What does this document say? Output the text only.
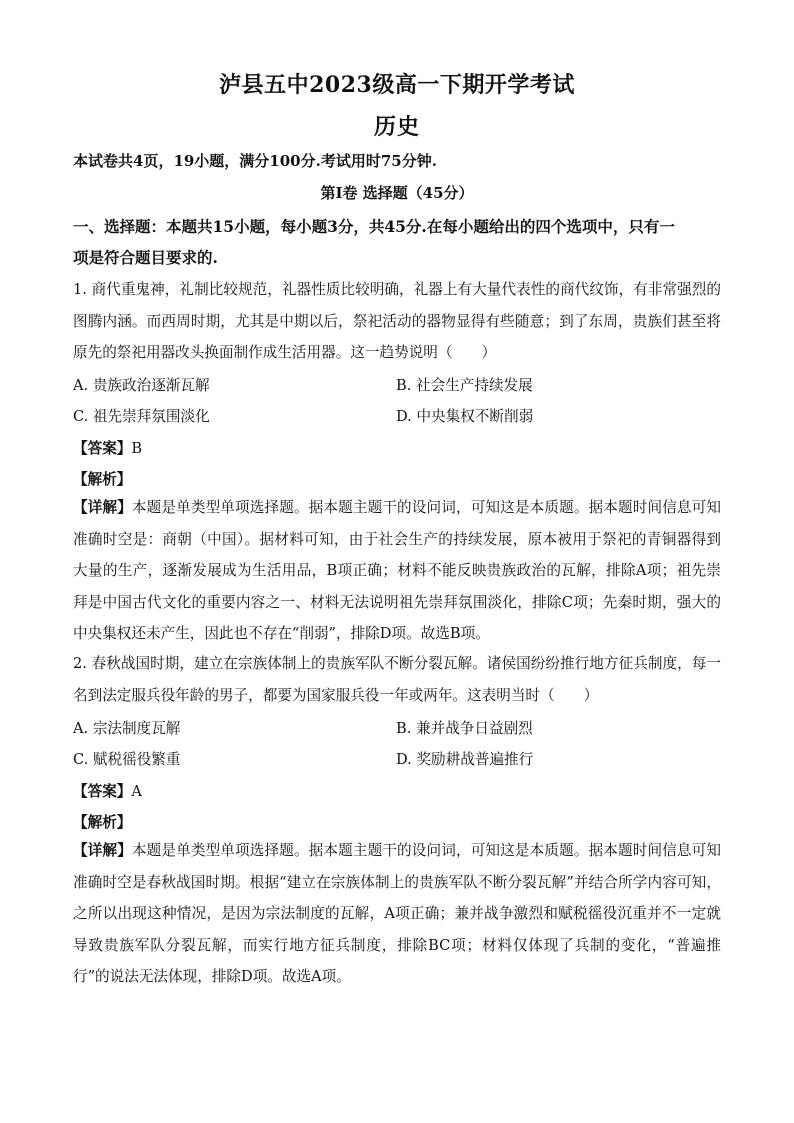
泸县五中2023级高一下期开学考试
历史
本试卷共4页，19小题，满分100分.考试用时75分钟.
第Ⅰ卷 选择题（45分）
一、选择题：本题共15小题，每小题3分，共45分.在每小题给出的四个选项中，只有一
项是符合题目要求的.
1. 商代重鬼神，礼制比较规范，礼器性质比较明确，礼器上有大量代表性的商代纹饰，有非常强烈的图腾内涵。而西周时期，尤其是中期以后，祭祀活动的器物显得有些随意；到了东周，贵族们甚至将原先的祭祀用器改头换面制作成生活用器。这一趋势说明（　　）
A. 贵族政治逐渐瓦解	B. 社会生产持续发展
C. 祖先崇拜氛围淡化	D. 中央集权不断削弱
【答案】B
【解析】
【详解】本题是单类型单项选择题。据本题主题干的设问词，可知这是本质题。据本题时间信息可知准确时空是：商朝（中国）。据材料可知，由于社会生产的持续发展，原本被用于祭祀的青铜器得到大量的生产，逐渐发展成为生活用品，B项正确；材料不能反映贵族政治的瓦解，排除A项；祖先崇拜是中国古代文化的重要内容之一、材料无法说明祖先崇拜氛围淡化，排除C项；先秦时期，强大的中央集权还未产生，因此也不存在“削弱”，排除D项。故选B项。
2. 春秋战国时期，建立在宗族体制上的贵族军队不断分裂瓦解。诸侯国纷纷推行地方征兵制度，每一名到法定服兵役年龄的男子，都要为国家服兵役一年或两年。这表明当时（　　）
A. 宗法制度瓦解	B. 兼并战争日益剧烈
C. 赋税徭役繁重	D. 奖励耕战普遍推行
【答案】A
【解析】
【详解】本题是单类型单项选择题。据本题主题干的设问词，可知这是本质题。据本题时间信息可知准确时空是春秋战国时期。根据“建立在宗族体制上的贵族军队不断分裂瓦解”并结合所学内容可知，之所以出现这种情况，是因为宗法制度的瓦解，A项正确；兼并战争激烈和赋税徭役沉重并不一定就导致贵族军队分裂瓦解，而实行地方征兵制度，排除BC项；材料仅体现了兵制的变化，“普遍推行”的说法无法体现，排除D项。故选A项。
